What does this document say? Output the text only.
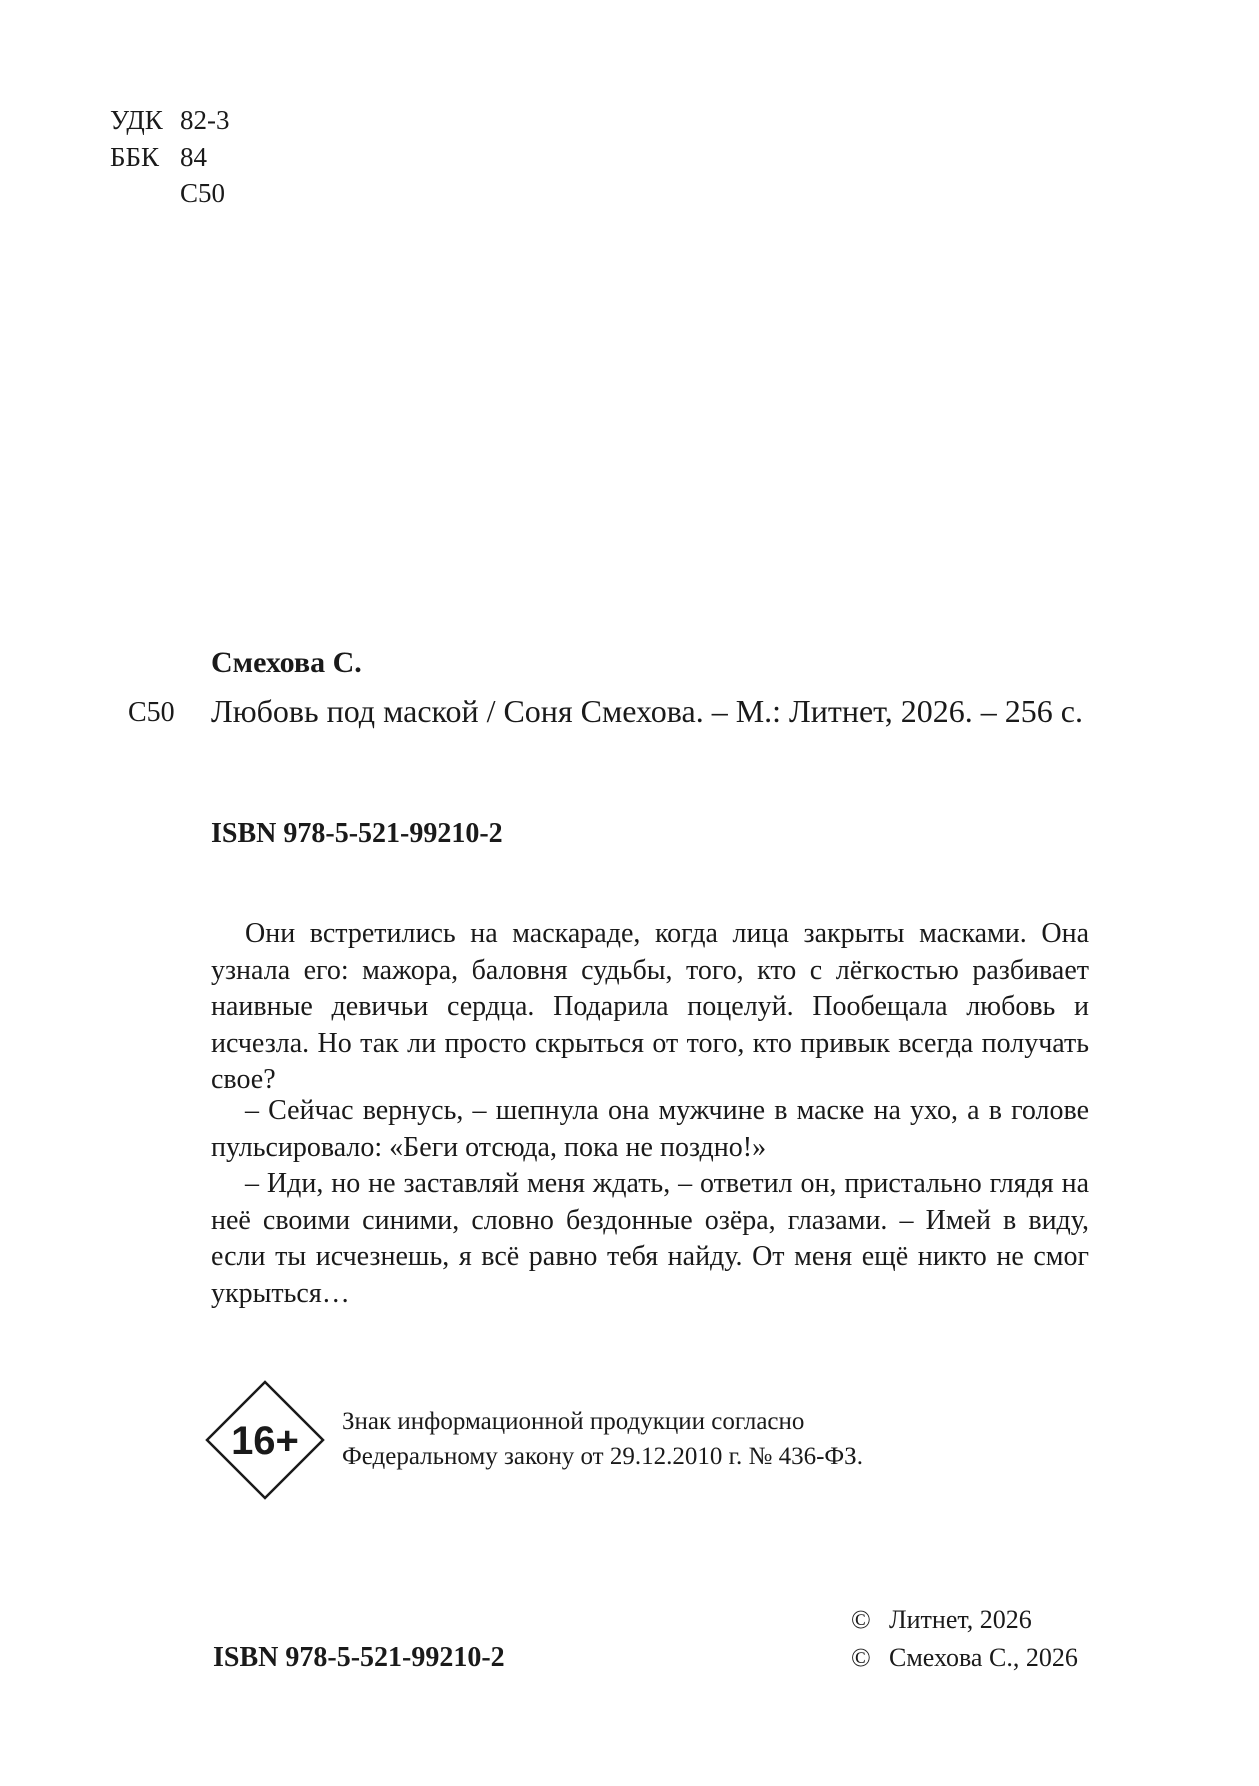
УДК 82-3
ББК 84
С50
Смехова С.
С50 Любовь под маской / Соня Смехова. – М.: Литнет, 2026. – 256 с.
ISBN 978-5-521-99210-2
Они встретились на маскараде, когда лица закрыты масками. Она узнала его: мажора, баловня судьбы, того, кто с лёгкостью разбивает наивные девичьи сердца. Подарила поцелуй. Пообещала любовь и исчезла. Но так ли просто скрыться от того, кто привык всегда получать свое?
– Сейчас вернусь, – шепнула она мужчине в маске на ухо, а в голове пульсировало: «Беги отсюда, пока не поздно!»
– Иди, но не заставляй меня ждать, – ответил он, пристально глядя на неё своими синими, словно бездонные озёра, глазами. – Имей в виду, если ты исчезнешь, я всё равно тебя найду. От меня ещё никто не смог укрыться…
16+ Знак информационной продукции согласно
Федеральному закону от 29.12.2010 г. № 436-ФЗ.
© Литнет, 2026
© Смехова С., 2026
ISBN 978-5-521-99210-2
